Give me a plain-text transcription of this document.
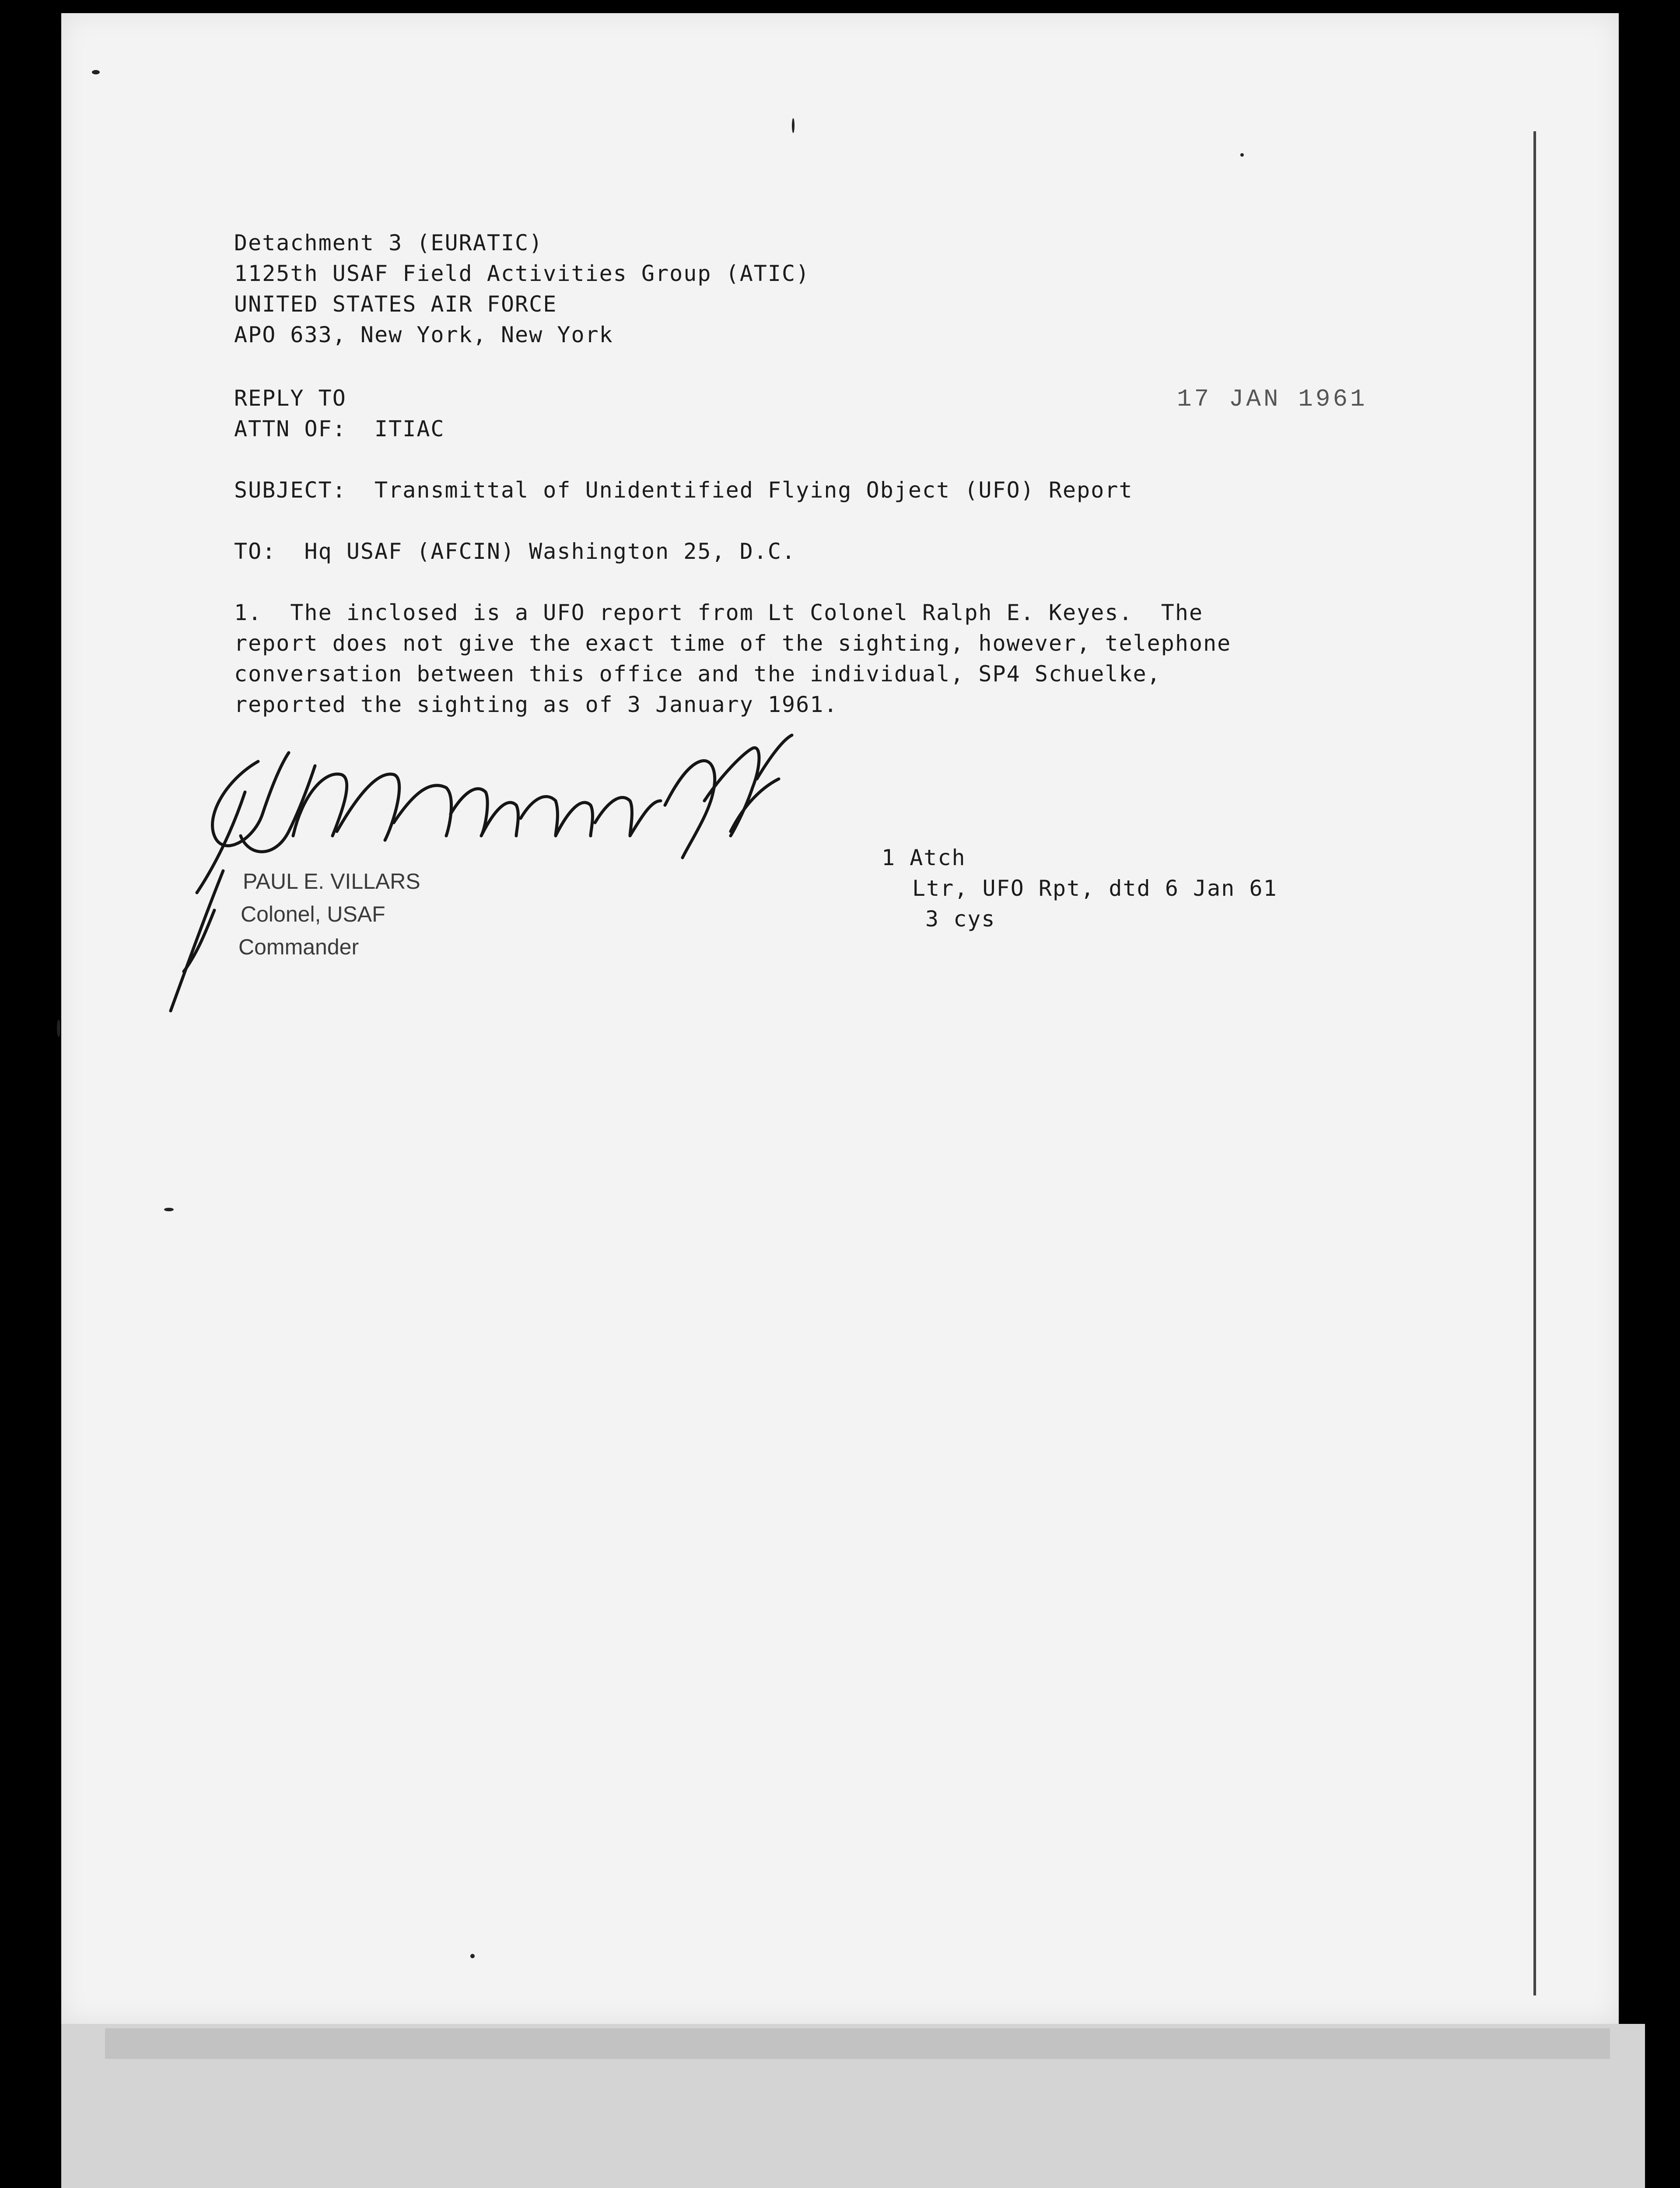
Detachment 3 (EURATIC)
1125th USAF Field Activities Group (ATIC)
UNITED STATES AIR FORCE
APO 633, New York, New York
REPLY TO
ATTN OF:  ITIAC
17 JAN 1961
SUBJECT:  Transmittal of Unidentified Flying Object (UFO) Report
TO:  Hq USAF (AFCIN) Washington 25, D.C.
1.  The inclosed is a UFO report from Lt Colonel Ralph E. Keyes.  The
report does not give the exact time of the sighting, however, telephone
conversation between this office and the individual, SP4 Schuelke,
reported the sighting as of 3 January 1961.
PAUL E. VILLARS
Colonel, USAF
Commander
1 Atch
Ltr, UFO Rpt, dtd 6 Jan 61
3 cys
